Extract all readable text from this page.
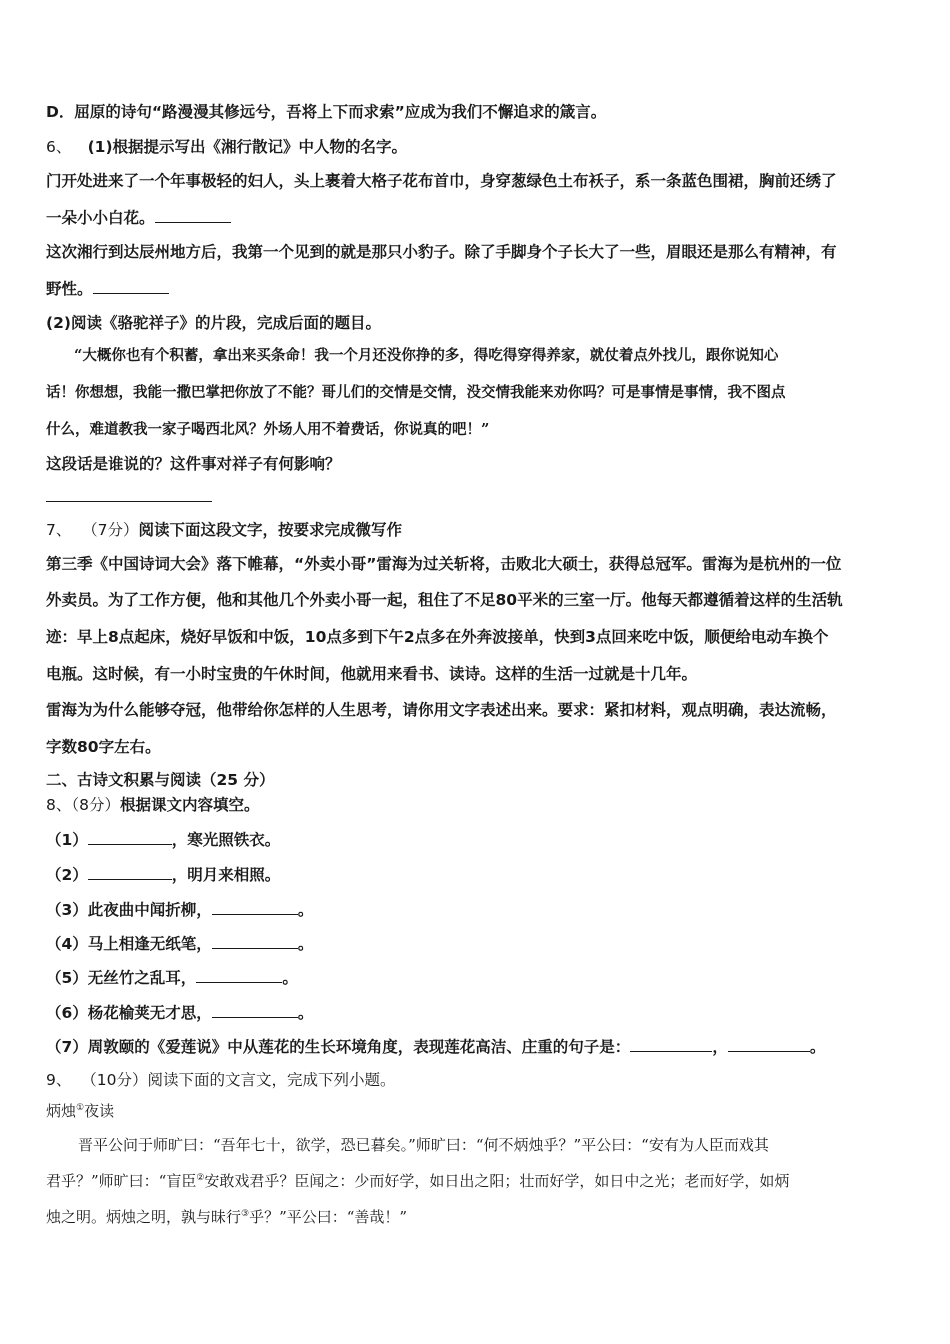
D．屈原的诗句“路漫漫其修远兮，吾将上下而求索”应成为我们不懈追求的箴言。
6、 (1)根据提示写出《湘行散记》中人物的名字。
门开处进来了一个年事极轻的妇人，头上裹着大格子花布首巾，身穿葱绿色土布袄子，系一条蓝色围裙，胸前还绣了
一朵小小白花。
这次湘行到达辰州地方后，我第一个见到的就是那只小豹子。除了手脚身个子长大了一些，眉眼还是那么有精神，有
野性。
(2)阅读《骆驼祥子》的片段，完成后面的题目。
“大概你也有个积蓄，拿出来买条命！我一个月还没你挣的多，得吃得穿得养家，就仗着点外找儿，跟你说知心
话！你想想，我能一撒巴掌把你放了不能？哥儿们的交情是交情，没交情我能来劝你吗？可是事情是事情，我不图点
什么，难道教我一家子喝西北风？外场人用不着费话，你说真的吧！”
这段话是谁说的？这件事对祥子有何影响？
7、 （7分）阅读下面这段文字，按要求完成微写作
第三季《中国诗词大会》落下帷幕，“外卖小哥”雷海为过关斩将，击败北大硕士，获得总冠军。雷海为是杭州的一位
外卖员。为了工作方便，他和其他几个外卖小哥一起，租住了不足80平米的三室一厅。他每天都遵循着这样的生活轨
迹：早上8点起床，烧好早饭和中饭，10点多到下午2点多在外奔波接单，快到3点回来吃中饭，顺便给电动车换个
电瓶。这时候，有一小时宝贵的午休时间，他就用来看书、读诗。这样的生活一过就是十几年。
雷海为为什么能够夺冠，他带给你怎样的人生思考，请你用文字表述出来。要求：紧扣材料，观点明确，表达流畅，
字数80字左右。
二、古诗文积累与阅读（25 分）
8、（8分）根据课文内容填空。
（1）	，寒光照铁衣。
（2）	，明月来相照。
（3）此夜曲中闻折柳，	。
（4）马上相逢无纸笔，	。
（5）无丝竹之乱耳，	。
（6）杨花榆荚无才思，	。
（7）周敦颐的《爱莲说》中从莲花的生长环境角度，表现莲花高洁、庄重的句子是：	，	。
9、 （10分）阅读下面的文言文，完成下列小题。
炳烛①夜读
晋平公问于师旷曰：“吾年七十，欲学，恐已暮矣。”师旷曰：“何不炳烛乎？”平公曰：“安有为人臣而戏其
君乎？”师旷曰：“盲臣②安敢戏君乎？臣闻之：少而好学，如日出之阳；壮而好学，如日中之光；老而好学，如炳
烛之明。炳烛之明，孰与昧行③乎？”平公曰：“善哉！”
